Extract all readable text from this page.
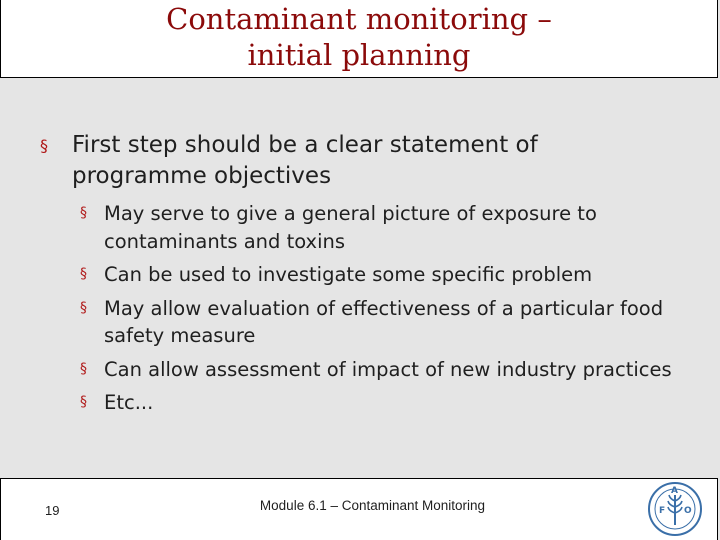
Contaminant monitoring –
initial planning
§	First step should be a clear statement of programme objectives
§ May serve to give a general picture of exposure to contaminants and toxins
§ Can be used to investigate some specific problem
§ May allow evaluation of effectiveness of a particular food safety measure
§ Can allow assessment of impact of new industry practices
§ Etc...
19	Module 6.1 – Contaminant Monitoring	F
A
O
